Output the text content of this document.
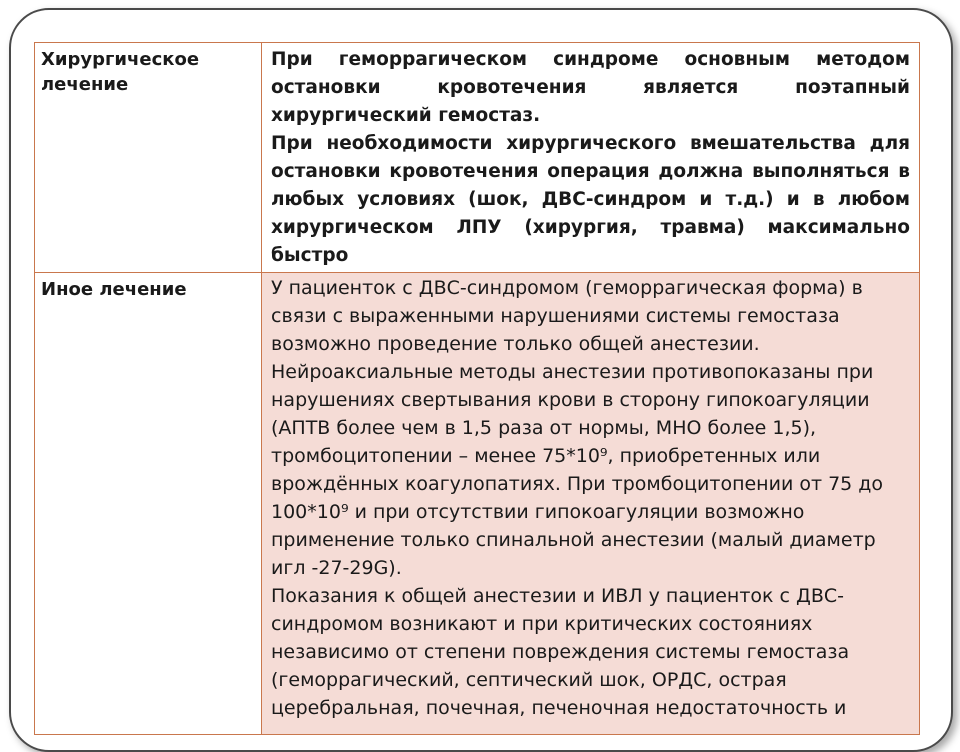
Хирургическое лечение	При геморрагическом синдроме основным методом остановки кровотечения является поэтапный хирургический гемостаз.

При необходимости хирургического вмешательства для остановки кровотечения операция должна выполняться в любых условиях (шок, ДВС-синдром и т.д.) и в любом хирургическом ЛПУ (хирургия, травма) максимально быстро

Иное лечение	У пациенток с ДВС-синдромом (геморрагическая форма) в связи с выраженными нарушениями системы гемостаза возможно проведение только общей анестезии.

Нейроаксиальные методы анестезии противопоказаны при нарушениях свертывания крови в сторону гипокоагуляции (АПТВ более чем в 1,5 раза от нормы, МНО более 1,5), тромбоцитопении – менее 75*10⁹, приобретенных или врождённых коагулопатиях. При тромбоцитопении от 75 до 100*10⁹ и при отсутствии гипокоагуляции возможно применение только спинальной анестезии (малый диаметр игл -27-29G).

Показания к общей анестезии и ИВЛ у пациенток с ДВС-синдромом возникают и при критических состояниях независимо от степени повреждения системы гемостаза (геморрагический, септический шок, ОРДС, острая церебральная, почечная, печеночная недостаточность и
